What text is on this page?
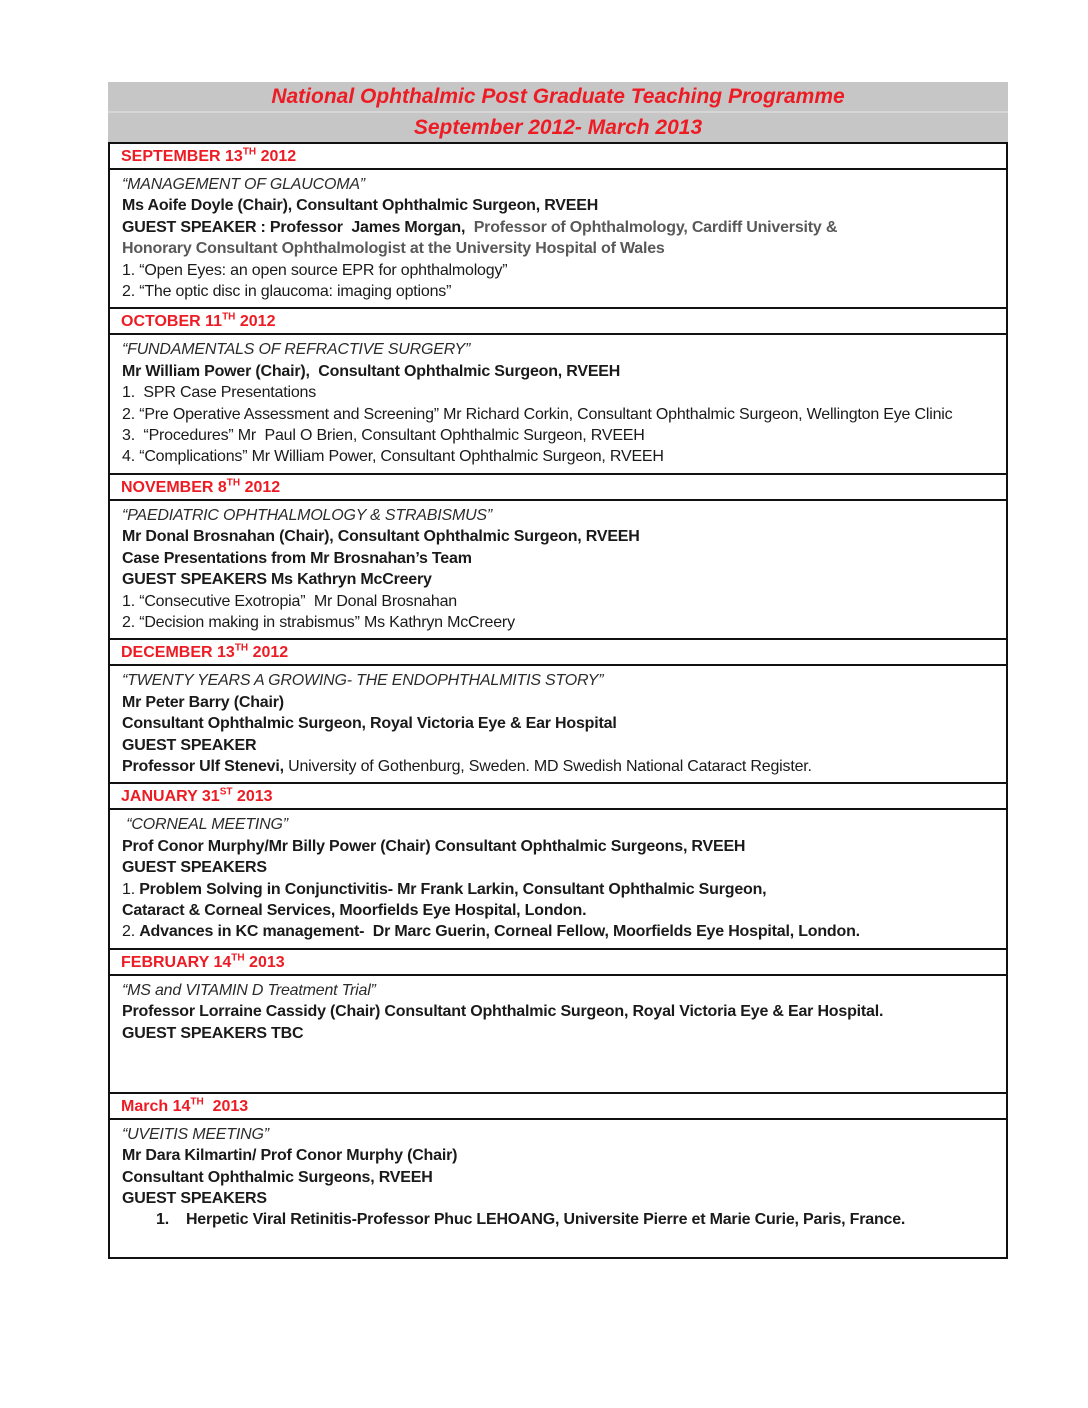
National Ophthalmic Post Graduate Teaching Programme
September 2012- March 2013
SEPTEMBER 13TH 2012
“MANAGEMENT OF GLAUCOMA”
Ms Aoife Doyle (Chair), Consultant Ophthalmic Surgeon, RVEEH
GUEST SPEAKER : Professor  James Morgan,  Professor of Ophthalmology, Cardiff University &
Honorary Consultant Ophthalmologist at the University Hospital of Wales
1. “Open Eyes: an open source EPR for ophthalmology”
2. “The optic disc in glaucoma: imaging options”
OCTOBER 11TH 2012
“FUNDAMENTALS OF REFRACTIVE SURGERY”
Mr William Power (Chair),  Consultant Ophthalmic Surgeon, RVEEH
1.  SPR Case Presentations
2. “Pre Operative Assessment and Screening” Mr Richard Corkin, Consultant Ophthalmic Surgeon, Wellington Eye Clinic
3.  “Procedures” Mr  Paul O Brien, Consultant Ophthalmic Surgeon, RVEEH
4. “Complications” Mr William Power, Consultant Ophthalmic Surgeon, RVEEH
NOVEMBER 8TH 2012
“PAEDIATRIC OPHTHALMOLOGY & STRABISMUS”
Mr Donal Brosnahan (Chair), Consultant Ophthalmic Surgeon, RVEEH
Case Presentations from Mr Brosnahan’s Team
GUEST SPEAKERS Ms Kathryn McCreery
1. “Consecutive Exotropia”  Mr Donal Brosnahan
2. “Decision making in strabismus” Ms Kathryn McCreery
DECEMBER 13TH 2012
“TWENTY YEARS A GROWING- THE ENDOPHTHALMITIS STORY”
Mr Peter Barry (Chair)
Consultant Ophthalmic Surgeon, Royal Victoria Eye & Ear Hospital
GUEST SPEAKER
Professor Ulf Stenevi, University of Gothenburg, Sweden. MD Swedish National Cataract Register.
JANUARY 31ST 2013
“CORNEAL MEETING”
Prof Conor Murphy/Mr Billy Power (Chair) Consultant Ophthalmic Surgeons, RVEEH
GUEST SPEAKERS
1. Problem Solving in Conjunctivitis- Mr Frank Larkin, Consultant Ophthalmic Surgeon,
Cataract & Corneal Services, Moorfields Eye Hospital, London.
2. Advances in KC management-  Dr Marc Guerin, Corneal Fellow, Moorfields Eye Hospital, London.
FEBRUARY 14TH 2013
“MS and VITAMIN D Treatment Trial”
Professor Lorraine Cassidy (Chair) Consultant Ophthalmic Surgeon, Royal Victoria Eye & Ear Hospital.
GUEST SPEAKERS TBC

March 14TH  2013
“UVEITIS MEETING”
Mr Dara Kilmartin/ Prof Conor Murphy (Chair)
Consultant Ophthalmic Surgeons, RVEEH
GUEST SPEAKERS
1.    Herpetic Viral Retinitis-Professor Phuc LEHOANG, Universite Pierre et Marie Curie, Paris, France.
